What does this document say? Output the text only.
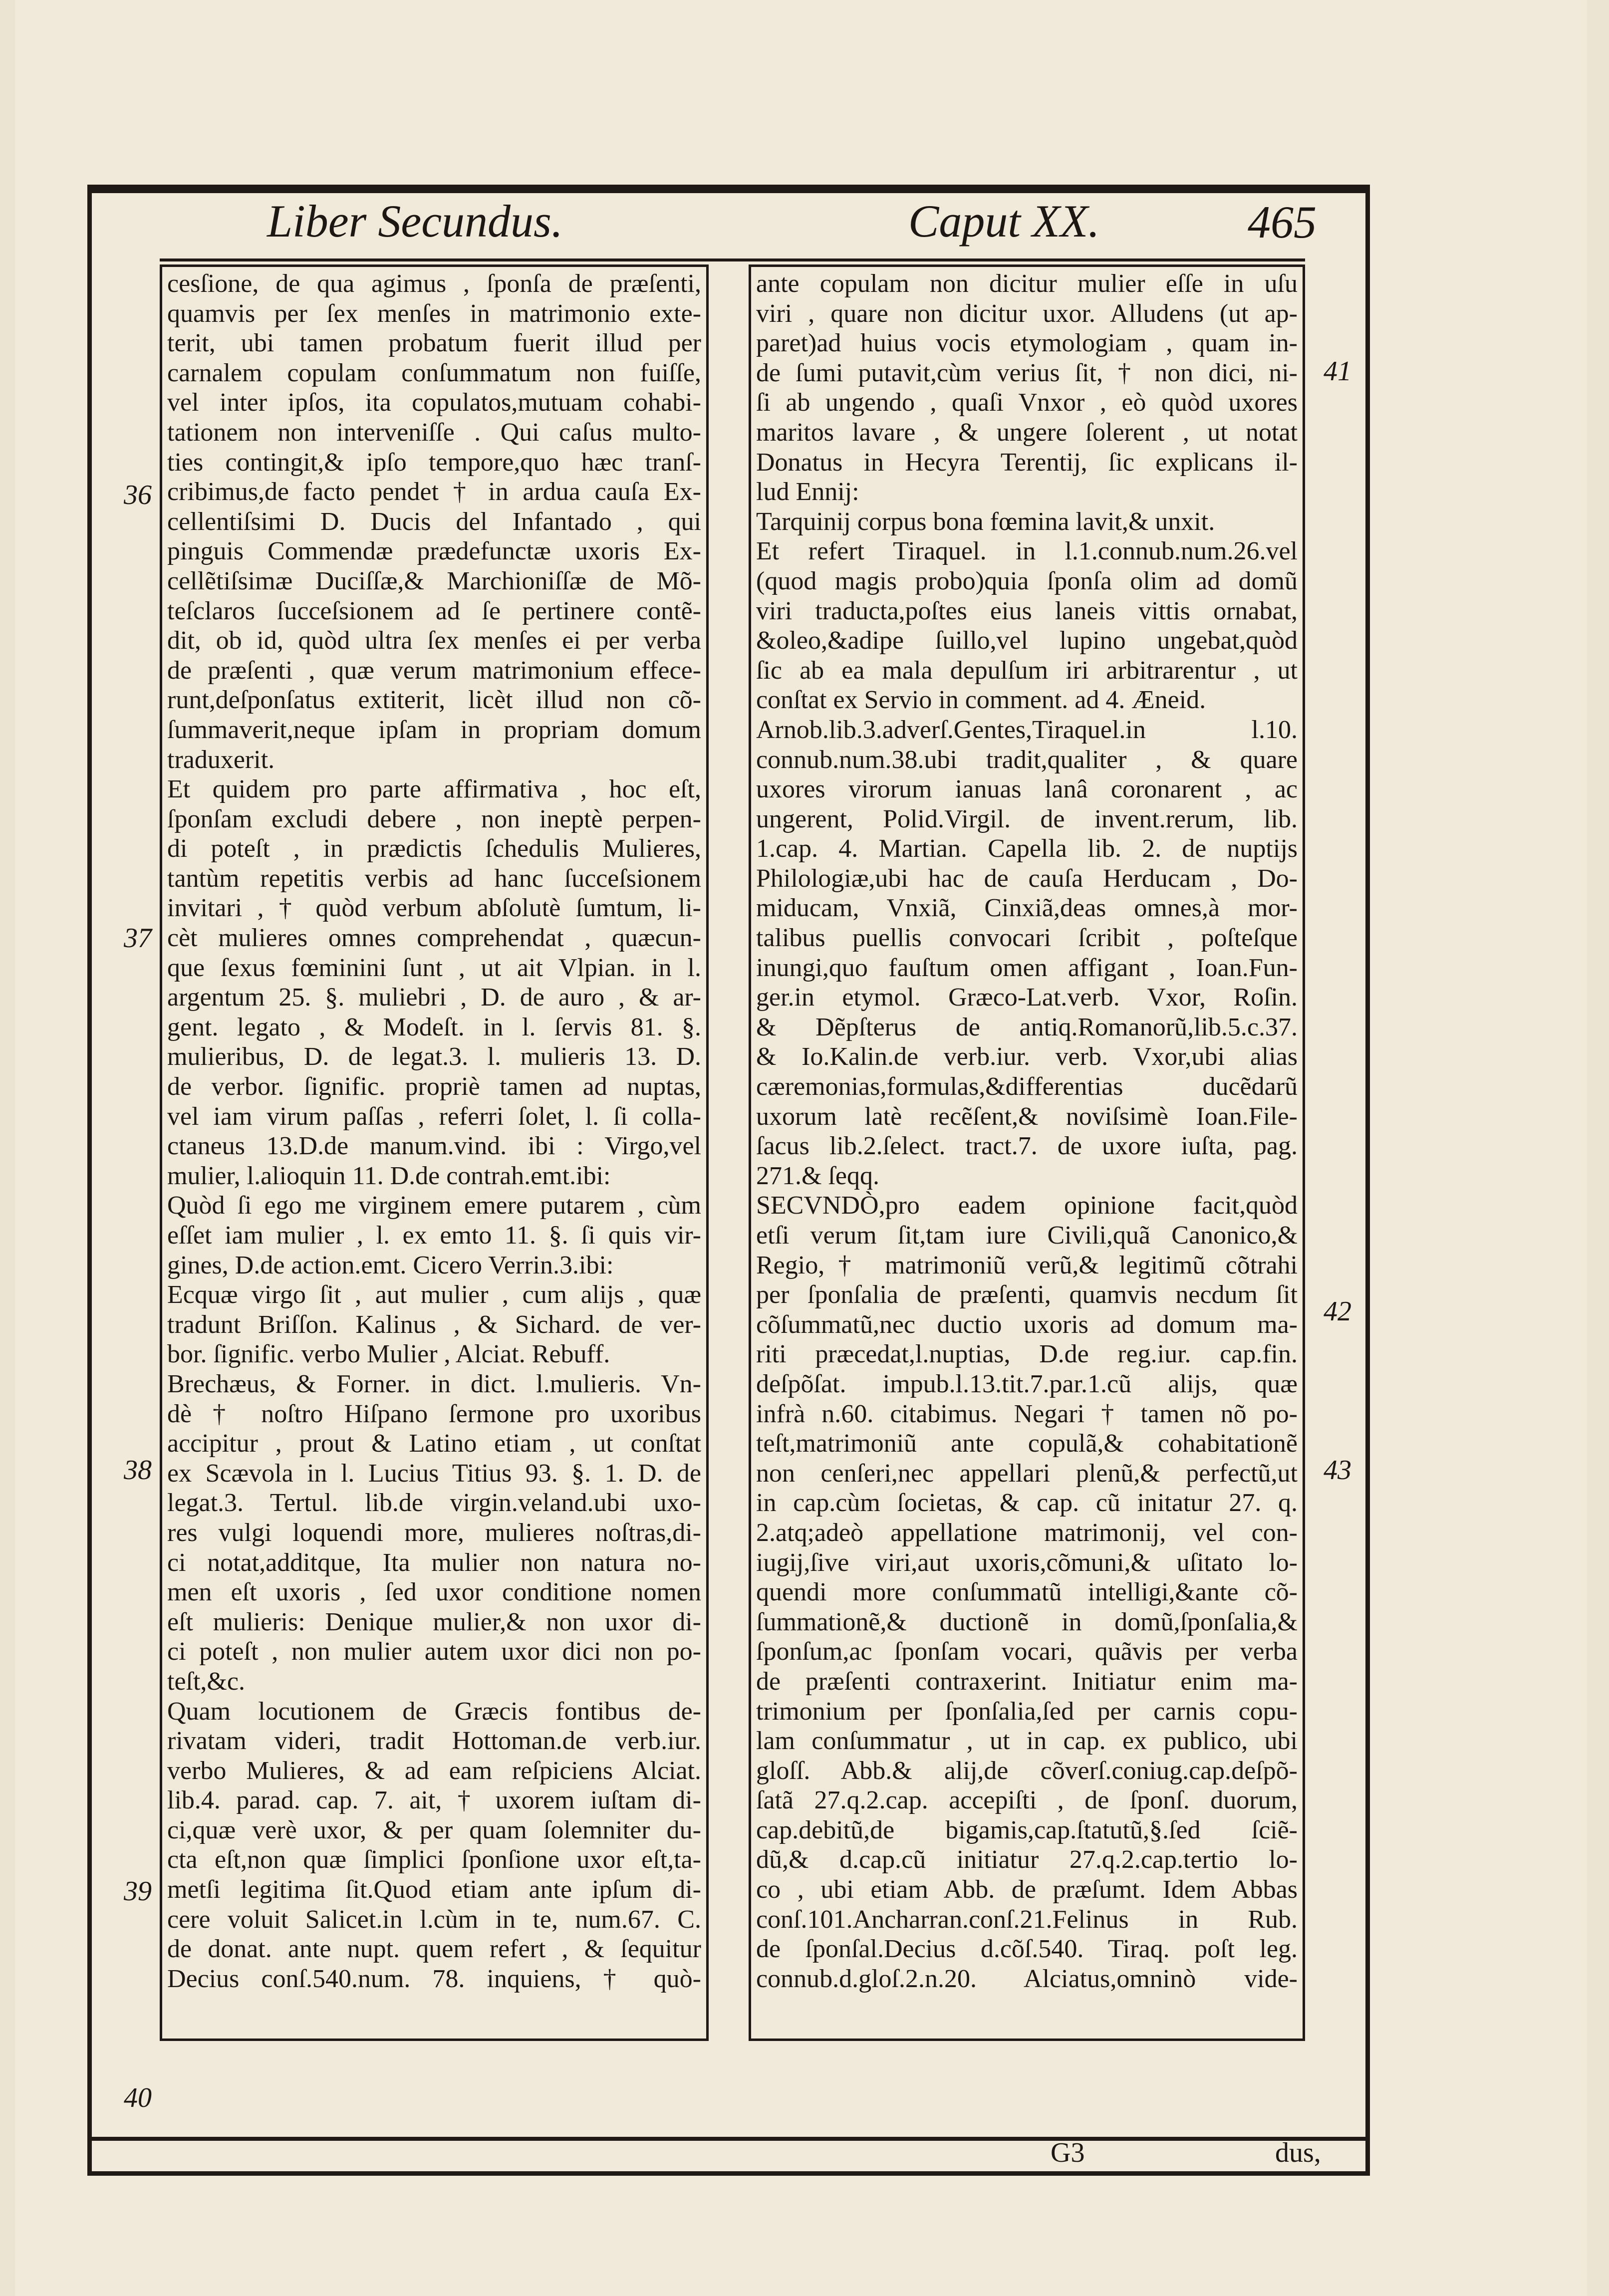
Liber Secundus.	Caput XX.	465
cesſione, de qua agimus , ſponſa de præſenti,
quamvis per ſex menſes in matrimonio exte-
terit, ubi tamen probatum fuerit illud per
carnalem copulam conſummatum non fuiſſe,
vel inter ipſos, ita copulatos,mutuam cohabi-
tationem non interveniſſe . Qui caſus multo-
ties contingit,& ipſo tempore,quo hæc tranſ-
cribimus,de facto pendet † in ardua cauſa Ex-
cellentiſsimi D. Ducis del Infantado , qui
pinguis Commendæ prædefunctæ uxoris Ex-
cellẽtiſsimæ Duciſſæ,& Marchioniſſæ de Mõ-
teſclaros ſucceſsionem ad ſe pertinere contẽ-
dit, ob id, quòd ultra ſex menſes ei per verba
de præſenti , quæ verum matrimonium effece-
runt,deſponſatus extiterit, licèt illud non cõ-
ſummaverit,neque ipſam in propriam domum
traduxerit.
Et quidem pro parte affirmativa , hoc eſt,
ſponſam excludi debere , non ineptè perpen-
di poteſt , in prædictis ſchedulis Mulieres,
tantùm repetitis verbis ad hanc ſucceſsionem
invitari , † quòd verbum abſolutè ſumtum, li-
cèt mulieres omnes comprehendat , quæcun-
que ſexus fœminini ſunt , ut ait Vlpian. in l.
argentum 25. §. muliebri , D. de auro , & ar-
gent. legato , & Modeſt. in l. ſervis 81. §.
mulieribus, D. de legat.3. l. mulieris 13. D.
de verbor. ſignific. propriè tamen ad nuptas,
vel iam virum paſſas , referri ſolet, l. ſi colla-
ctaneus 13.D.de manum.vind. ibi : Virgo,vel
mulier, l.alioquin 11. D.de contrah.emt.ibi:
Quòd ſi ego me virginem emere putarem , cùm
eſſet iam mulier , l. ex emto 11. §. ſi quis vir-
gines, D.de action.emt. Cicero Verrin.3.ibi:
Ecquæ virgo ſit , aut mulier , cum alijs , quæ
tradunt Briſſon. Kalinus , & Sichard. de ver-
bor. ſignific. verbo Mulier , Alciat. Rebuff.
Brechæus, & Forner. in dict. l.mulieris. Vn-
dè † noſtro Hiſpano ſermone pro uxoribus
accipitur , prout & Latino etiam , ut conſtat
ex Scævola in l. Lucius Titius 93. §. 1. D. de
legat.3. Tertul. lib.de virgin.veland.ubi uxo-
res vulgi loquendi more, mulieres noſtras,di-
ci notat,additque, Ita mulier non natura no-
men eſt uxoris , ſed uxor conditione nomen
eſt mulieris: Denique mulier,& non uxor di-
ci poteſt , non mulier autem uxor dici non po-
teſt,&c.
Quam locutionem de Græcis fontibus de-
rivatam videri, tradit Hottoman.de verb.iur.
verbo Mulieres, & ad eam reſpiciens Alciat.
lib.4. parad. cap. 7. ait, † uxorem iuſtam di-
ci,quæ verè uxor, & per quam ſolemniter du-
cta eſt,non quæ ſimplici ſponſione uxor eſt,ta-
metſi legitima ſit.Quod etiam ante ipſum di-
cere voluit Salicet.in l.cùm in te, num.67. C.
de donat. ante nupt. quem refert , & ſequitur
Decius conſ.540.num. 78. inquiens, † quò-
ante copulam non dicitur mulier eſſe in uſu
viri , quare non dicitur uxor. Alludens (ut ap-
paret)ad huius vocis etymologiam , quam in-
de ſumi putavit,cùm verius ſit, † non dici, ni-
ſi ab ungendo , quaſi Vnxor , eò quòd uxores
maritos lavare , & ungere ſolerent , ut notat
Donatus in Hecyra Terentij, ſic explicans il-
lud Ennij:
Tarquinij corpus bona fœmina lavit,& unxit.
Et refert Tiraquel. in l.1.connub.num.26.vel
(quod magis probo)quia ſponſa olim ad domũ
viri traducta,poſtes eius laneis vittis ornabat,
&oleo,&adipe ſuillo,vel lupino ungebat,quòd
ſic ab ea mala depulſum iri arbitrarentur , ut
conſtat ex Servio in comment. ad 4. Æneid.
Arnob.lib.3.adverſ.Gentes,Tiraquel.in l.10.
connub.num.38.ubi tradit,qualiter , & quare
uxores virorum ianuas lanâ coronarent , ac
ungerent, Polid.Virgil. de invent.rerum, lib.
1.cap. 4. Martian. Capella lib. 2. de nuptijs
Philologiæ,ubi hac de cauſa Herducam , Do-
miducam, Vnxiã, Cinxiã,deas omnes,à mor-
talibus puellis convocari ſcribit , poſteſque
inungi,quo fauſtum omen affigant , Ioan.Fun-
ger.in etymol. Græco-Lat.verb. Vxor, Roſin.
& Dẽpſterus de antiq.Romanorũ,lib.5.c.37.
& Io.Kalin.de verb.iur. verb. Vxor,ubi alias
cæremonias,formulas,&differentias ducẽdarũ
uxorum latè recẽſent,& noviſsimè Ioan.File-
ſacus lib.2.ſelect. tract.7. de uxore iuſta, pag.
271.& ſeqq.
SECVNDÒ,pro eadem opinione facit,quòd
etſi verum ſit,tam iure Civili,quã Canonico,&
Regio,† matrimoniũ verũ,& legitimũ cõtrahi
per ſponſalia de præſenti, quamvis necdum ſit
cõſummatũ,nec ductio uxoris ad domum ma-
riti præcedat,l.nuptias, D.de reg.iur. cap.fin.
deſpõſat. impub.l.13.tit.7.par.1.cũ alijs, quæ
infrà n.60. citabimus. Negari † tamen nõ po-
teſt,matrimoniũ ante copulã,& cohabitationẽ
non cenſeri,nec appellari plenũ,& perfectũ,ut
in cap.cùm ſocietas, & cap. cũ initatur 27. q.
2.atq;adeò appellatione matrimonij, vel con-
iugij,ſive viri,aut uxoris,cõmuni,& uſitato lo-
quendi more conſummatũ intelligi,&ante cõ-
ſummationẽ,& ductionẽ in domũ,ſponſalia,&
ſponſum,ac ſponſam vocari, quãvis per verba
de præſenti contraxerint. Initiatur enim ma-
trimonium per ſponſalia,ſed per carnis copu-
lam conſummatur , ut in cap. ex publico, ubi
gloſſ. Abb.& alij,de cõverſ.coniug.cap.deſpõ-
ſatã 27.q.2.cap. accepiſti , de ſponſ. duorum,
cap.debitũ,de bigamis,cap.ſtatutũ,§.ſed ſciẽ-
dũ,& d.cap.cũ initiatur 27.q.2.cap.tertio lo-
co , ubi etiam Abb. de præſumt. Idem Abbas
conſ.101.Ancharran.conſ.21.Felinus in Rub.
de ſponſal.Decius d.cõſ.540. Tiraq. poſt leg.
connub.d.gloſ.2.n.20. Alciatus,omninò vide-
36
37
38
39
40
41
42
43
G3	dus,
